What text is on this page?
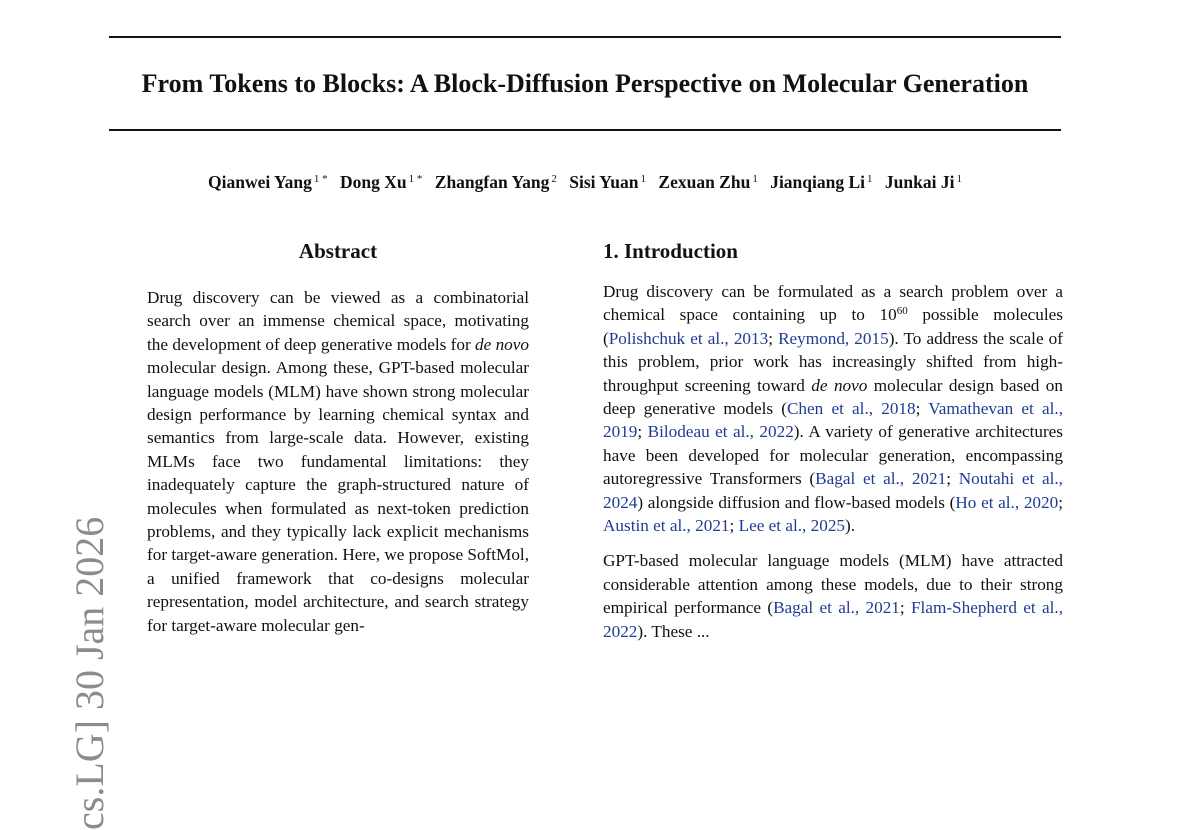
From Tokens to Blocks: A Block-Diffusion Perspective on Molecular Generation
Qianwei Yang $^{1 *}$ Dong Xu $^{1 *}$ Zhangfan Yang $^2$ Sisi Yuan $^1$ Zexuan Zhu $^1$ Jianqiang Li $^1$ Junkai Ji $^1$
cs.LG] 30 Jan 2026
Abstract

Drug discovery can be viewed as a combinatorial search over an immense chemical space, motivating the development of deep generative models for de novo molecular design. Among these, GPT-based molecular language models (MLM) have shown strong molecular design performance by learning chemical syntax and semantics from large-scale data. However, existing MLMs face two fundamental limitations: they inadequately capture the graph-structured nature of molecules when formulated as next-token prediction problems, and they typically lack explicit mechanisms for target-aware generation. Here, we propose SoftMol, a unified framework that co-designs molecular representation, model architecture, and search strategy for target-aware molecular gen-

1. Introduction

Drug discovery can be formulated as a search problem over a chemical space containing up to $10^{60}$ possible molecules (Polishchuk et al., 2013; Reymond, 2015). To address the scale of this problem, prior work has increasingly shifted from high-throughput screening toward de novo molecular design based on deep generative models (Chen et al., 2018; Vamathevan et al., 2019; Bilodeau et al., 2022). A variety of generative architectures have been developed for molecular generation, encompassing autoregressive Transformers (Bagal et al., 2021; Noutahi et al., 2024) alongside diffusion and flow-based models (Ho et al., 2020; Austin et al., 2021; Lee et al., 2025).

GPT-based molecular language models (MLM) have attracted considerable attention among these models, due to their strong empirical performance (Bagal et al., 2021; Flam-Shepherd et al., 2022). These ...
